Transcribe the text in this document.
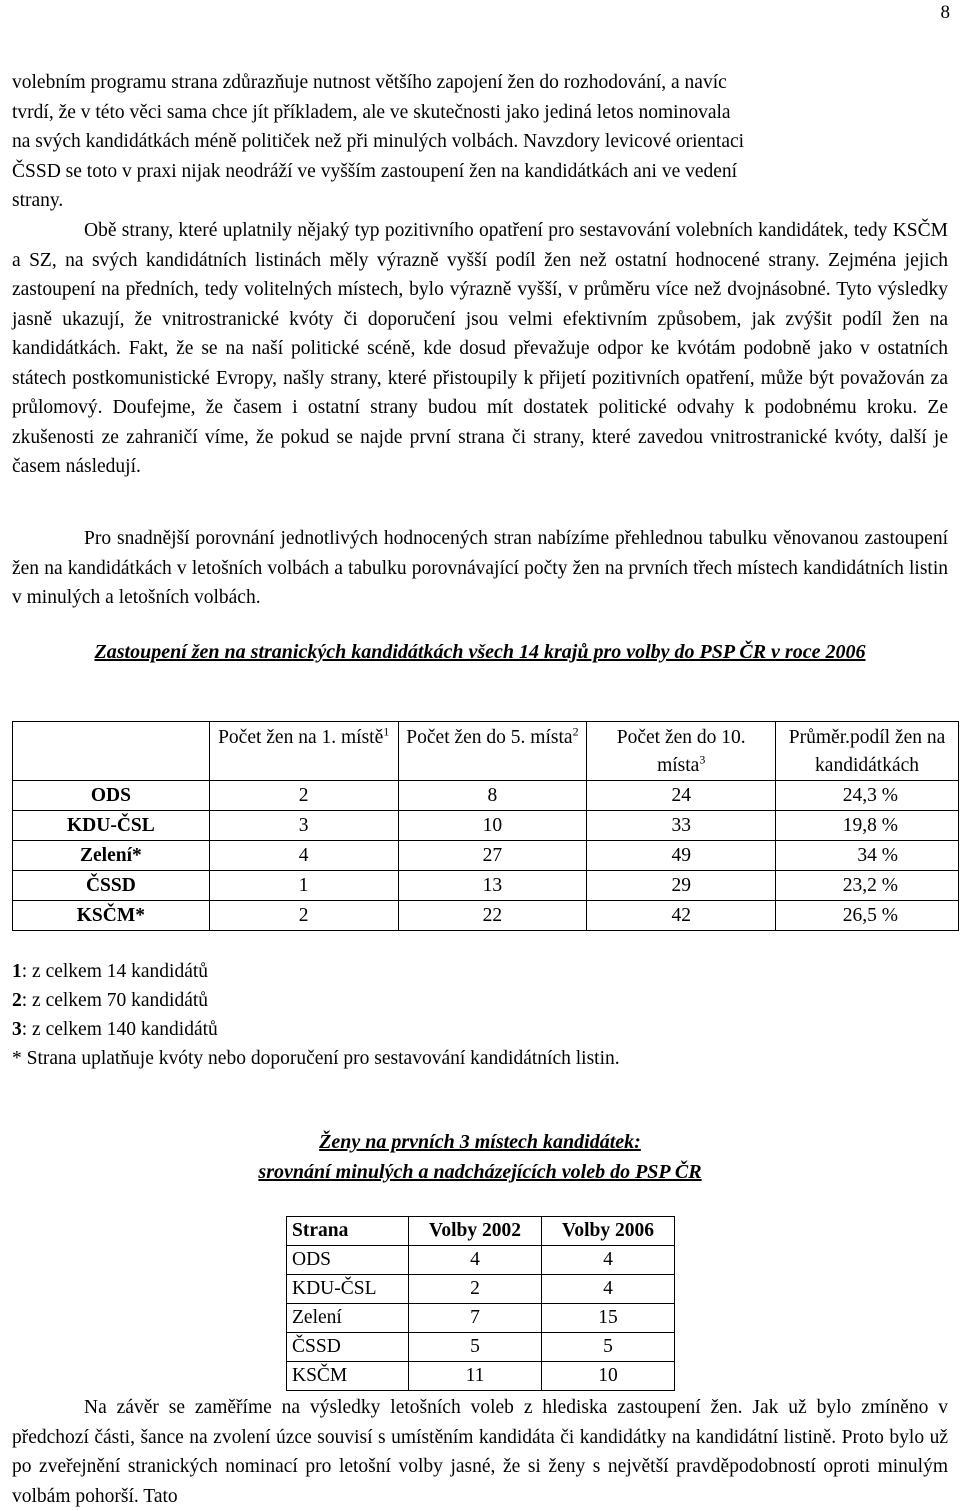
8
volebním programu strana zdůrazňuje nutnost většího zapojení žen do rozhodování, a navíc
tvrdí, že v této věci sama chce jít příkladem, ale ve skutečnosti jako jediná letos nominovala
na svých kandidátkách méně političek než při minulých volbách. Navzdory levicové orientaci
ČSSD se toto v praxi nijak neodráží ve vyšším zastoupení žen na kandidátkách ani ve vedení
strany.

Obě strany, které uplatnily nějaký typ pozitivního opatření pro sestavování volebních kandidátek, tedy KSČM a SZ, na svých kandidátních listinách měly výrazně vyšší podíl žen než ostatní hodnocené strany. Zejména jejich zastoupení na předních, tedy volitelných místech, bylo výrazně vyšší, v průměru více než dvojnásobné. Tyto výsledky jasně ukazují, že vnitrostranické kvóty či doporučení jsou velmi efektivním způsobem, jak zvýšit podíl žen na kandidátkách. Fakt, že se na naší politické scéně, kde dosud převažuje odpor ke kvótám podobně jako v ostatních státech postkomunistické Evropy, našly strany, které přistoupily k přijetí pozitivních opatření, může být považován za průlomový. Doufejme, že časem i ostatní strany budou mít dostatek politické odvahy k podobnému kroku. Ze zkušenosti ze zahraničí víme, že pokud se najde první strana či strany, které zavedou vnitrostranické kvóty, další je časem následují.

Pro snadnější porovnání jednotlivých hodnocených stran nabízíme přehlednou tabulku věnovanou zastoupení žen na kandidátkách v letošních volbách a tabulku porovnávající počty žen na prvních třech místech kandidátních listin v minulých a letošních volbách.

Zastoupení žen na stranických kandidátkách všech 14 krajů pro volby do PSP ČR v roce 2006
	Počet žen na 1. místě$^1$	Počet žen do 5. místa$^2$	Počet žen do 10. místa$^3$	Průměr.podíl žen na kandidátkách
ODS	2	8	24	24,3 %
KDU-ČSL	3	10	33	19,8 %
Zelení*	4	27	49	34 %
ČSSD	1	13	29	23,2 %
KSČM*	2	22	42	26,5 %
1: z celkem 14 kandidátů
2: z celkem 70 kandidátů
3: z celkem 140 kandidátů
* Strana uplatňuje kvóty nebo doporučení pro sestavování kandidátních listin.
Ženy na prvních 3 místech kandidátek:
srovnání minulých a nadcházejících voleb do PSP ČR
Strana	Volby 2002	Volby 2006
ODS	4	4
KDU-ČSL	2	4
Zelení	7	15
ČSSD	5	5
KSČM	11	10

Na závěr se zaměříme na výsledky letošních voleb z hlediska zastoupení žen. Jak už bylo zmíněno v předchozí části, šance na zvolení úzce souvisí s umístěním kandidáta či kandidátky na kandidátní listině. Proto bylo už po zveřejnění stranických nominací pro letošní volby jasné, že si ženy s největší pravděpodobností oproti minulým volbám pohorší. Tato
